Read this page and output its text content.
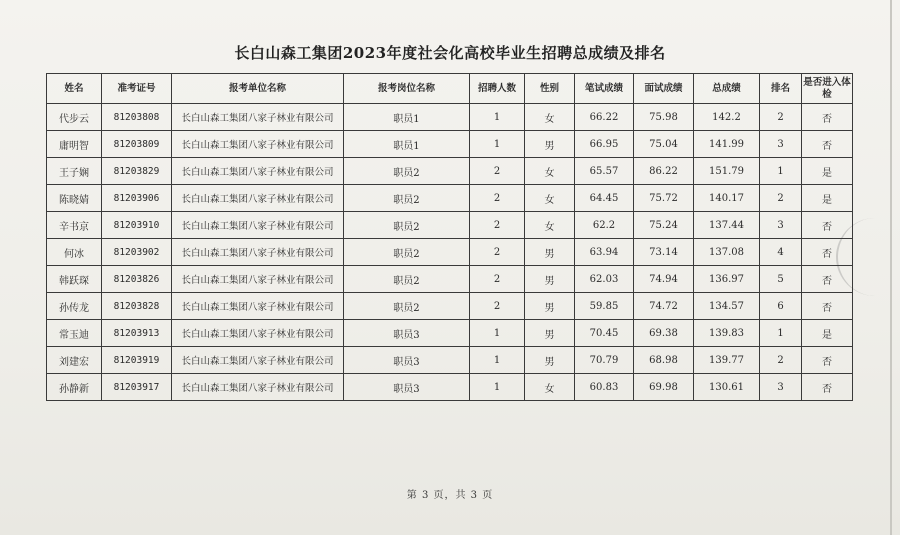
长白山森工集团2023年度社会化高校毕业生招聘总成绩及排名
姓名	准考证号	报考单位名称	报考岗位名称	招聘人数	性别	笔试成绩	面试成绩	总成绩	排名	是否进入体检
代步云	81203808	长白山森工集团八家子林业有限公司	职员1	1	女	66.22	75.98	142.2	2	否
庸明智	81203809	长白山森工集团八家子林业有限公司	职员1	1	男	66.95	75.04	141.99	3	否
王子娴	81203829	长白山森工集团八家子林业有限公司	职员2	2	女	65.57	86.22	151.79	1	是
陈晓婧	81203906	长白山森工集团八家子林业有限公司	职员2	2	女	64.45	75.72	140.17	2	是
辛书京	81203910	长白山森工集团八家子林业有限公司	职员2	2	女	62.2	75.24	137.44	3	否
何冰	81203902	长白山森工集团八家子林业有限公司	职员2	2	男	63.94	73.14	137.08	4	否
韩跃琛	81203826	长白山森工集团八家子林业有限公司	职员2	2	男	62.03	74.94	136.97	5	否
孙传龙	81203828	长白山森工集团八家子林业有限公司	职员2	2	男	59.85	74.72	134.57	6	否
常玉迪	81203913	长白山森工集团八家子林业有限公司	职员3	1	男	70.45	69.38	139.83	1	是
刘建宏	81203919	长白山森工集团八家子林业有限公司	职员3	1	男	70.79	68.98	139.77	2	否
孙静新	81203917	长白山森工集团八家子林业有限公司	职员3	1	女	60.83	69.98	130.61	3	否
第 3 页，共 3 页
